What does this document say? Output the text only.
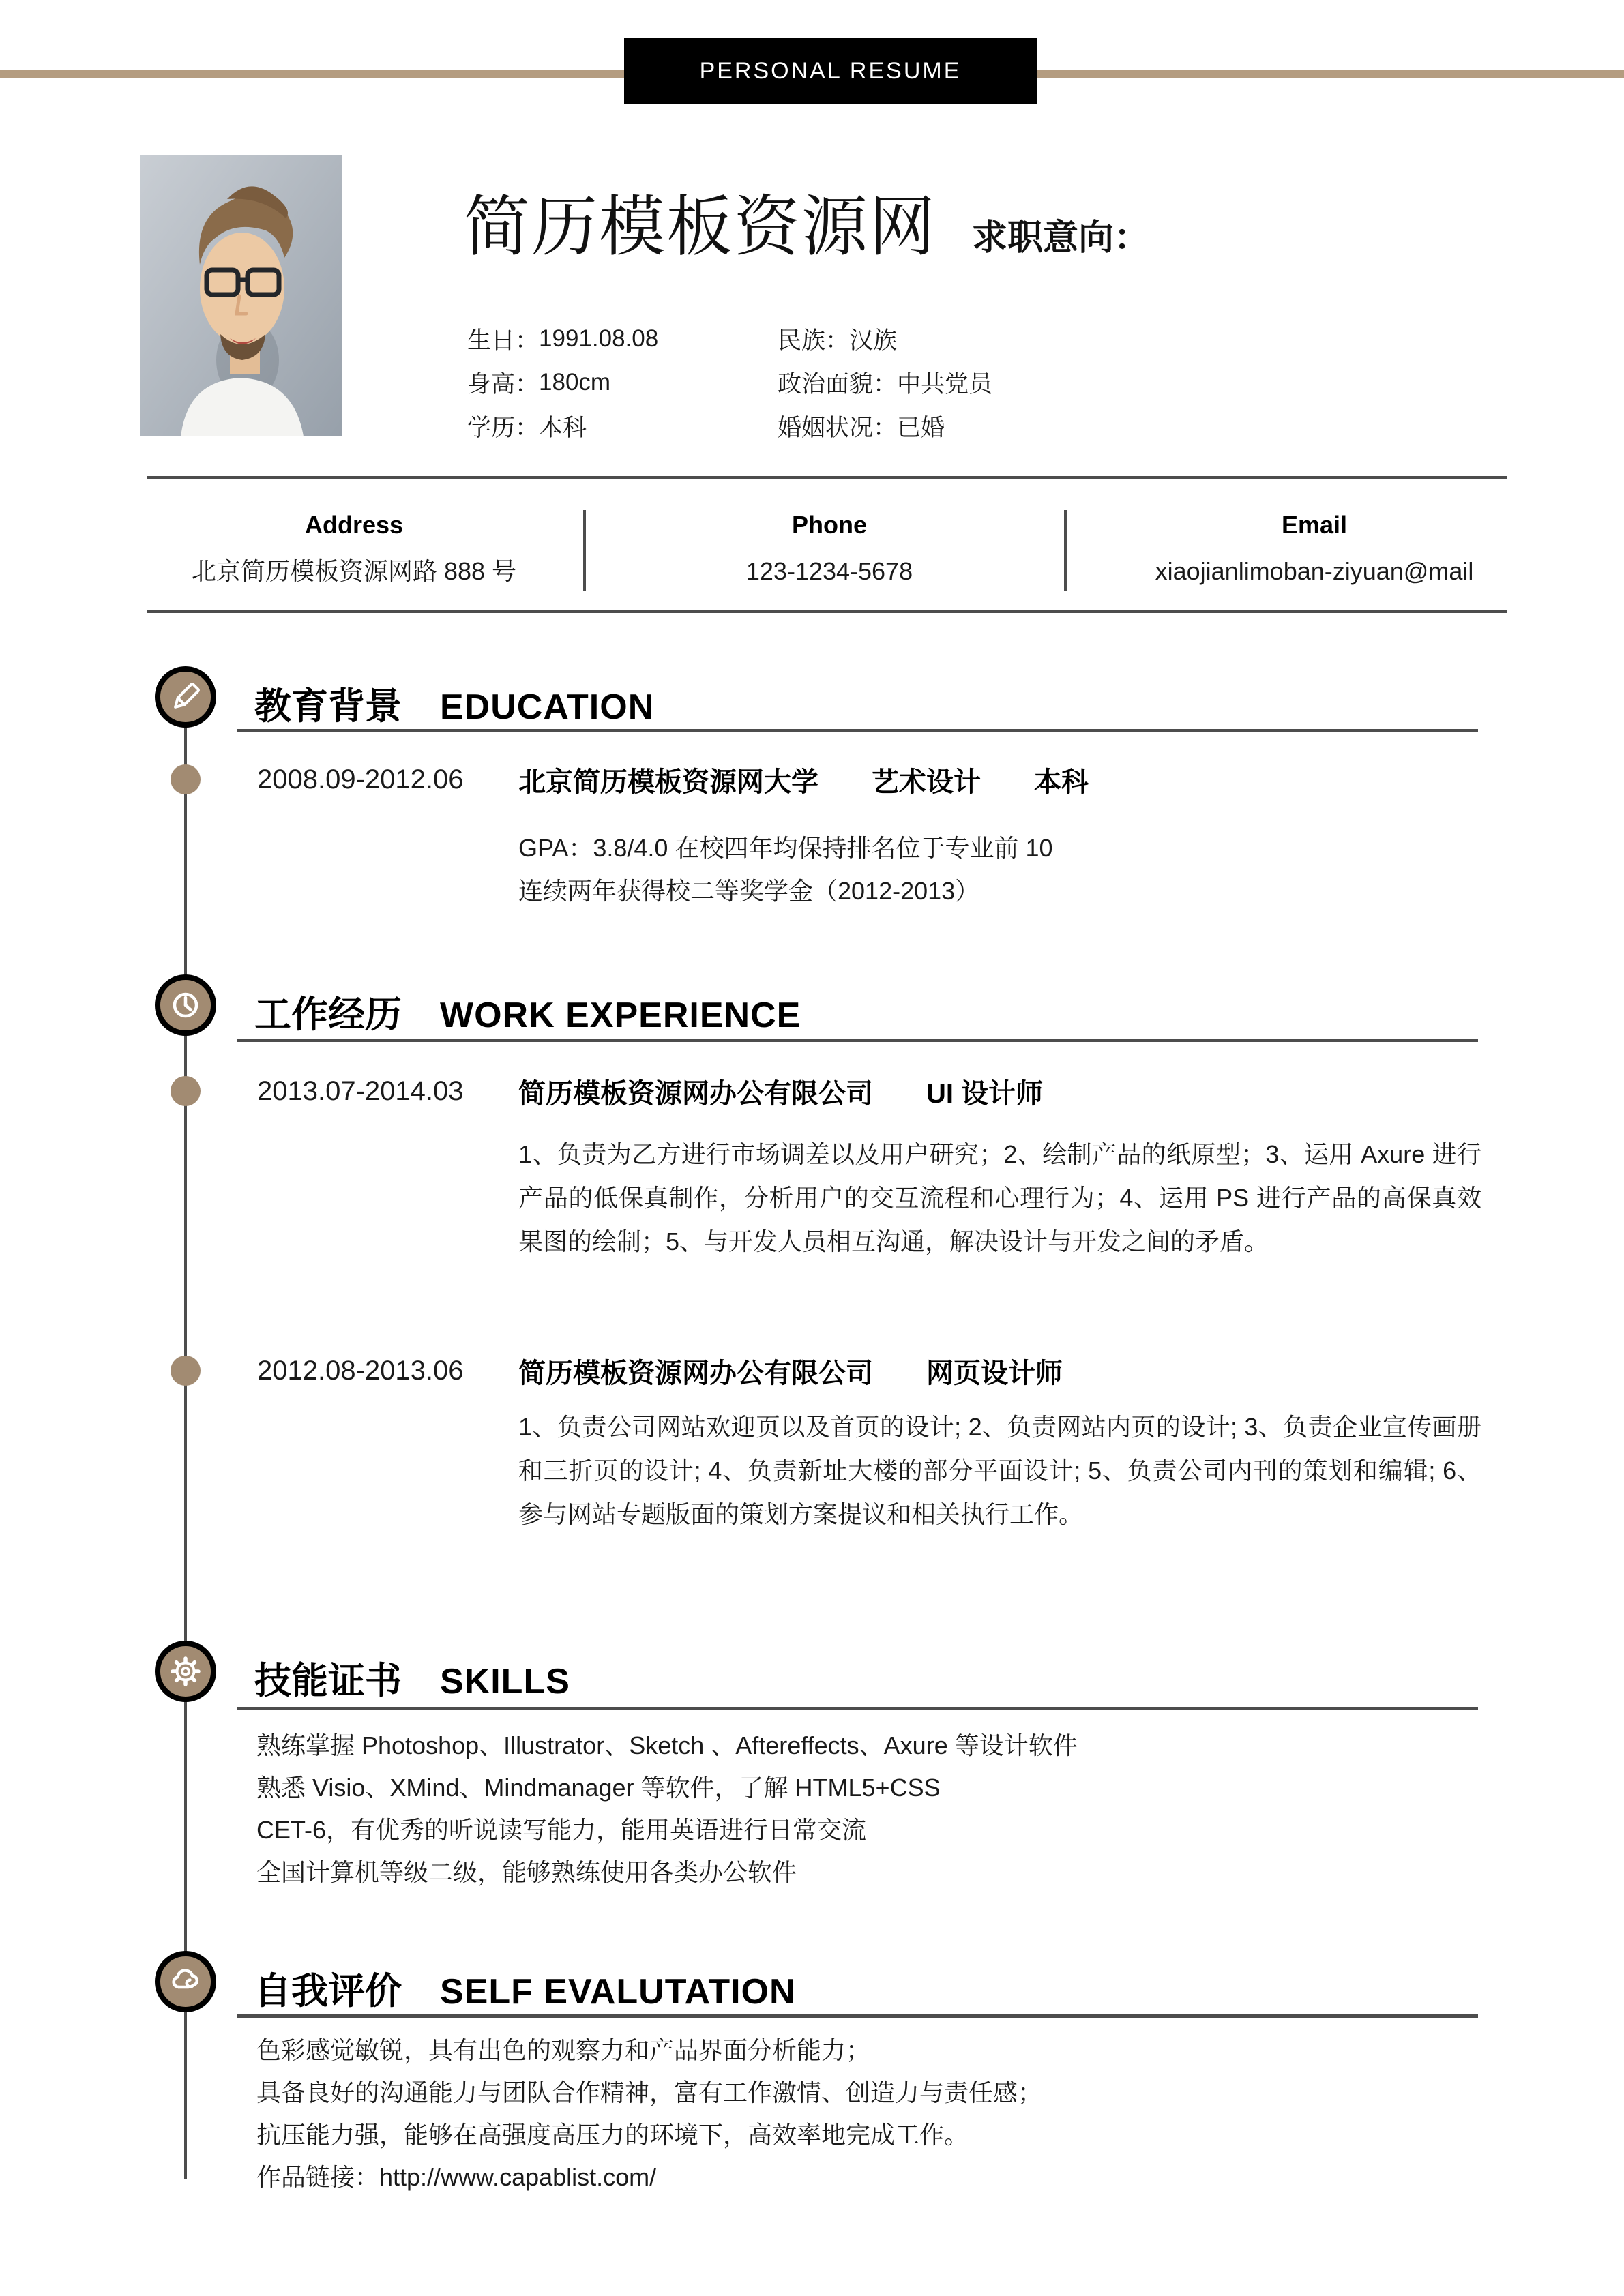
PERSONAL RESUME
简历模板资源网 求职意向：
生日： 1991.08.08
身高： 180cm
学历： 本科
民族： 汉族
政治面貌： 中共党员
婚姻状况： 已婚
Address
北京简历模板资源网路 888 号
Phone
123-1234-5678
Email
xiaojianlimoban-ziyuan@mail
教育背景 EDUCATION
2008.09-2012.06 北京简历模板资源网大学 艺术设计 本科
GPA：3.8/4.0 在校四年均保持排名位于专业前 10
连续两年获得校二等奖学金（2012-2013）
工作经历 WORK EXPERIENCE
2013.07-2014.03 简历模板资源网办公有限公司 UI 设计师
1、负责为乙方进行市场调差以及用户研究；2、绘制产品的纸原型；3、运用 Axure 进行产品的低保真制作，分析用户的交互流程和心理行为；4、运用 PS 进行产品的高保真效果图的绘制；5、与开发人员相互沟通，解决设计与开发之间的矛盾。
2012.08-2013.06 简历模板资源网办公有限公司 网页设计师
1、负责公司网站欢迎页以及首页的设计; 2、负责网站内页的设计; 3、负责企业宣传画册和三折页的设计; 4、负责新址大楼的部分平面设计; 5、负责公司内刊的策划和编辑; 6、参与网站专题版面的策划方案提议和相关执行工作。
技能证书 SKILLS
熟练掌握 Photoshop、Illustrator、Sketch 、Aftereffects、Axure 等设计软件
熟悉 Visio、XMind、Mindmanager 等软件，了解 HTML5+CSS
CET-6，有优秀的听说读写能力，能用英语进行日常交流
全国计算机等级二级，能够熟练使用各类办公软件
自我评价 SELF EVALUTATION
色彩感觉敏锐，具有出色的观察力和产品界面分析能力；
具备良好的沟通能力与团队合作精神，富有工作激情、创造力与责任感；
抗压能力强，能够在高强度高压力的环境下，高效率地完成工作。
作品链接：http://www.capablist.com/
